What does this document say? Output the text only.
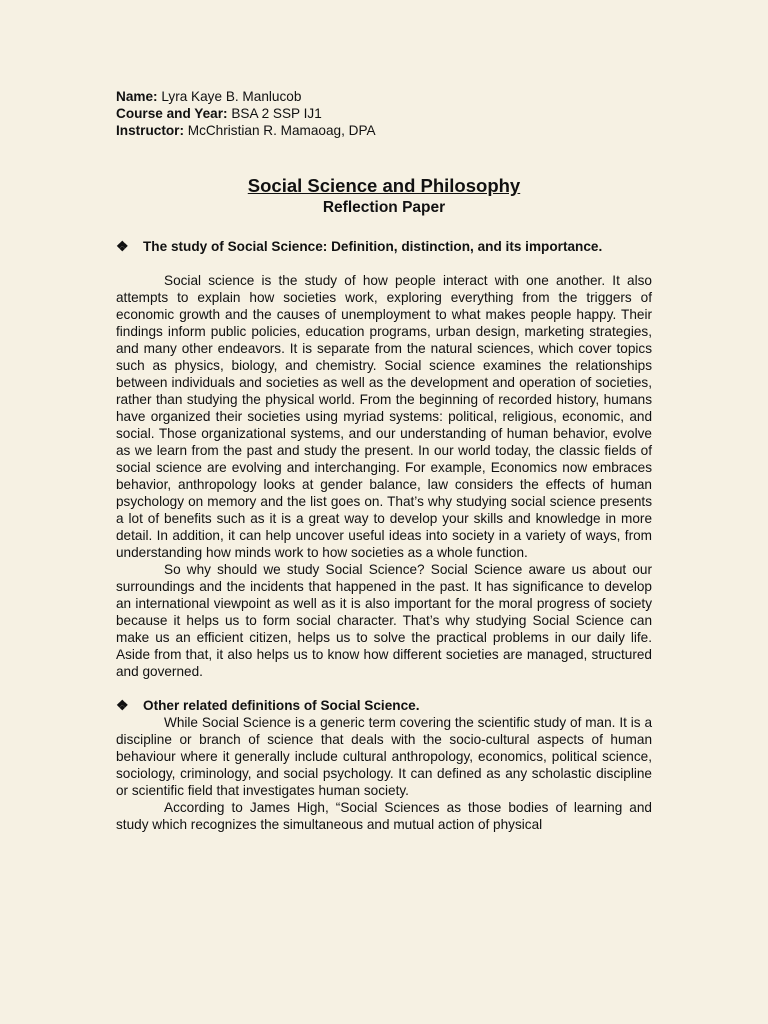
Name: Lyra Kaye B. Manlucob
Course and Year: BSA 2 SSP IJ1
Instructor: McChristian R. Mamaoag, DPA
Social Science and Philosophy
Reflection Paper
❖	The study of Social Science: Definition, distinction, and its importance.

Social science is the study of how people interact with one another. It also attempts to explain how societies work, exploring everything from the triggers of economic growth and the causes of unemployment to what makes people happy. Their findings inform public policies, education programs, urban design, marketing strategies, and many other endeavors. It is separate from the natural sciences, which cover topics such as physics, biology, and chemistry. Social science examines the relationships between individuals and societies as well as the development and operation of societies, rather than studying the physical world. From the beginning of recorded history, humans have organized their societies using myriad systems: political, religious, economic, and social. Those organizational systems, and our understanding of human behavior, evolve as we learn from the past and study the present. In our world today, the classic fields of social science are evolving and interchanging. For example, Economics now embraces behavior, anthropology looks at gender balance, law considers the effects of human psychology on memory and the list goes on. That’s why studying social science presents a lot of benefits such as it is a great way to develop your skills and knowledge in more detail. In addition, it can help uncover useful ideas into society in a variety of ways, from understanding how minds work to how societies as a whole function.

So why should we study Social Science? Social Science aware us about our surroundings and the incidents that happened in the past. It has significance to develop an international viewpoint as well as it is also important for the moral progress of society because it helps us to form social character. That’s why studying Social Science can make us an efficient citizen, helps us to solve the practical problems in our daily life. Aside from that, it also helps us to know how different societies are managed, structured and governed.

❖	Other related definitions of Social Science.

While Social Science is a generic term covering the scientific study of man. It is a discipline or branch of science that deals with the socio-cultural aspects of human behaviour where it generally include cultural anthropology, economics, political science, sociology, criminology, and social psychology. It can defined as any scholastic discipline or scientific field that investigates human society.

According to James High, “Social Sciences as those bodies of learning and study which recognizes the simultaneous and mutual action of physical
